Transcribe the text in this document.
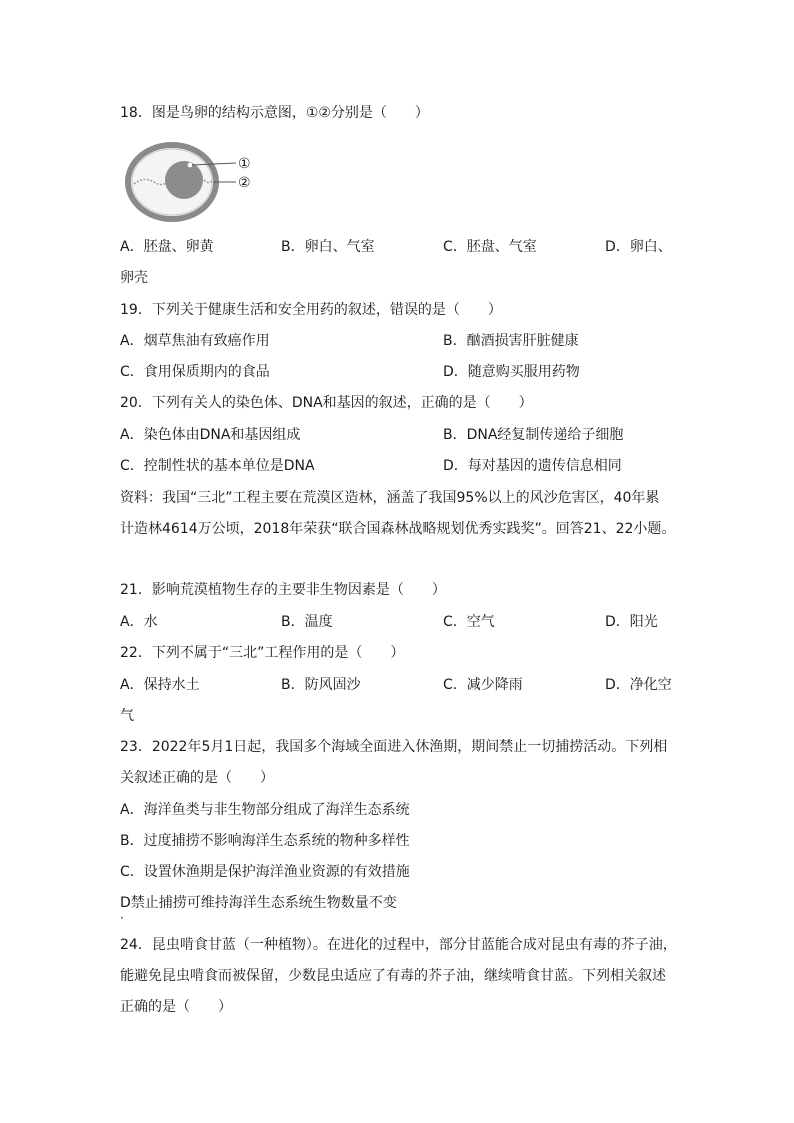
18．图是鸟卵的结构示意图，①②分别是（　　）
①
②
A．胚盘、卵黄	B．卵白、气室	C．胚盘、气室	D．卵白、
卵壳
19．下列关于健康生活和安全用药的叙述，错误的是（　　）
A．烟草焦油有致癌作用	B．酗酒损害肝脏健康
C．食用保质期内的食品	D．随意购买服用药物
20．下列有关人的染色体、DNA和基因的叙述，正确的是（　　）
A．染色体由DNA和基因组成	B．DNA经复制传递给子细胞
C．控制性状的基本单位是DNA	D．每对基因的遗传信息相同
资料：我国“三北”工程主要在荒漠区造林，涵盖了我国95%以上的风沙危害区，40年累
计造林4614万公顷，2018年荣获“联合国森林战略规划优秀实践奖”。回答21、22小题。
21．影响荒漠植物生存的主要非生物因素是（　　）
A．水	B．温度	C．空气	D．阳光
22．下列不属于“三北”工程作用的是（　　）
A．保持水土	B．防风固沙	C．减少降雨	D．净化空
气
23．2022年5月1日起，我国多个海域全面进入休渔期，期间禁止一切捕捞活动。下列相
关叙述正确的是（　　）
A．海洋鱼类与非生物部分组成了海洋生态系统
B．过度捕捞不影响海洋生态系统的物种多样性
C．设置休渔期是保护海洋渔业资源的有效措施
D禁止捕捞可维持海洋生态系统生物数量不变
·
24．昆虫啃食甘蓝（一种植物）。在进化的过程中，部分甘蓝能合成对昆虫有毒的芥子油，
能避免昆虫啃食而被保留，少数昆虫适应了有毒的芥子油，继续啃食甘蓝。下列相关叙述
正确的是（　　）
